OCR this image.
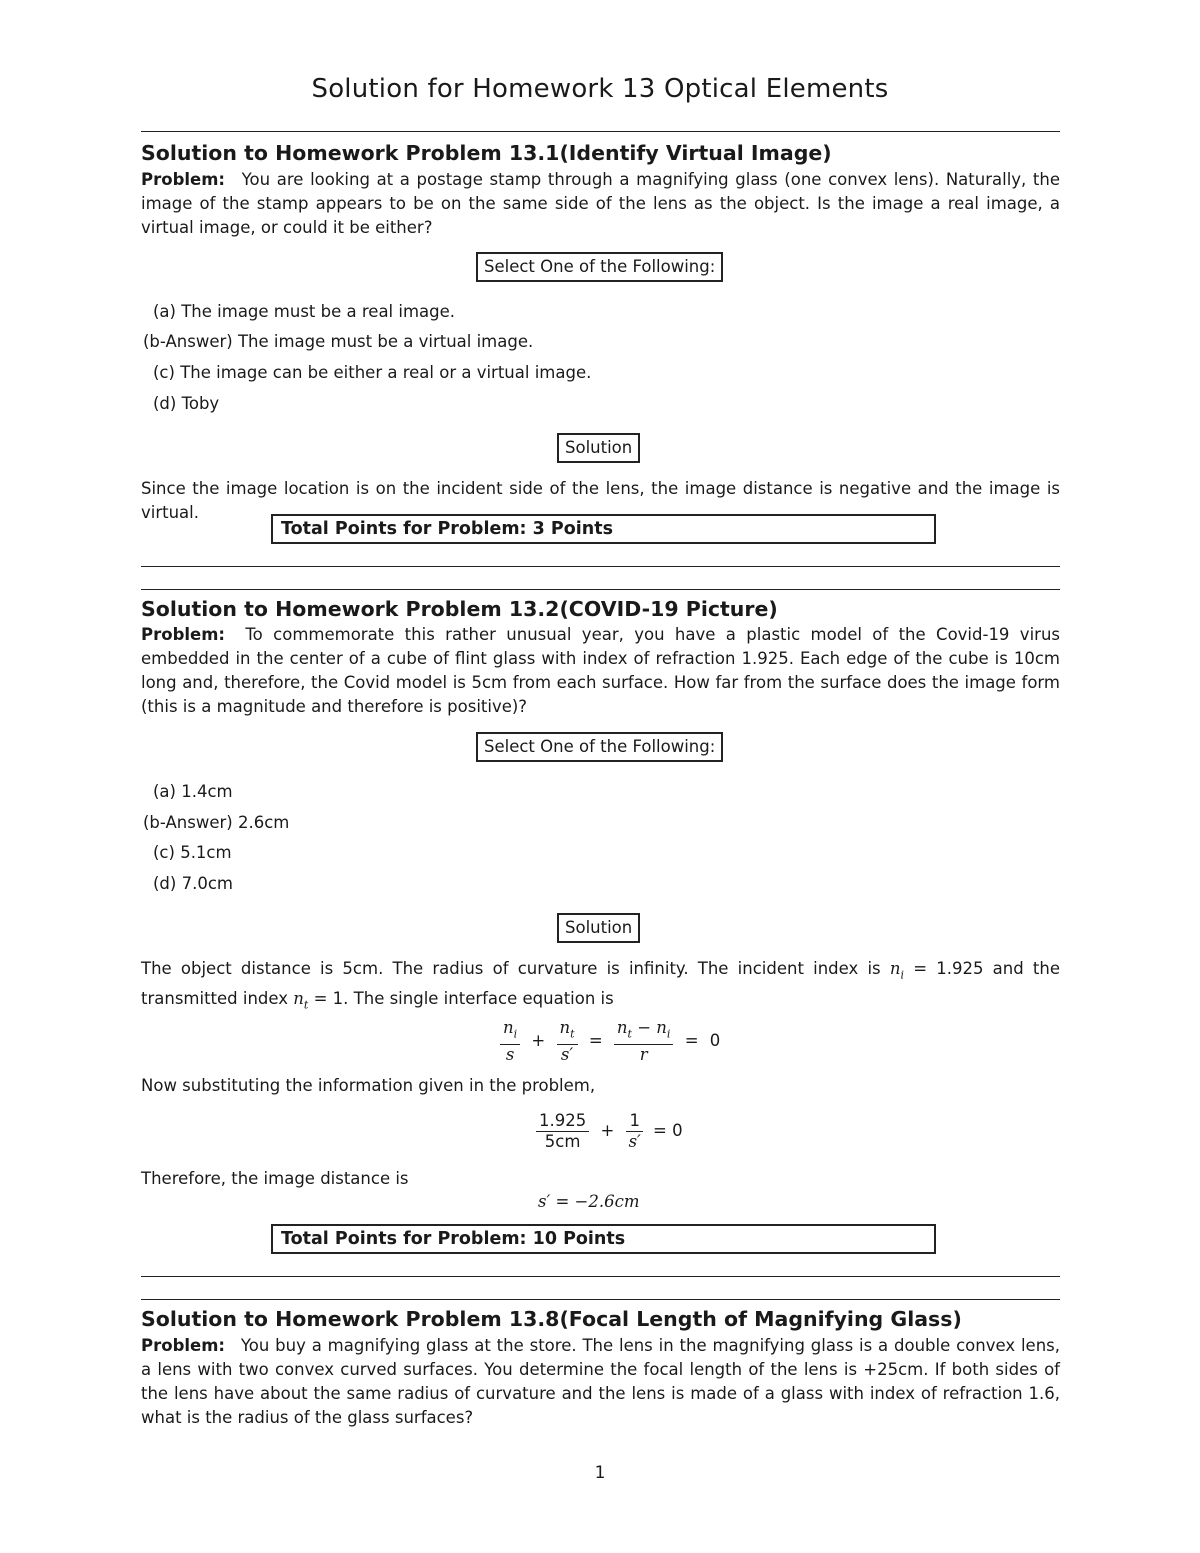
Solution for Homework 13 Optical Elements
Solution to Homework Problem 13.1(Identify Virtual Image)
Problem: You are looking at a postage stamp through a magnifying glass (one convex lens). Naturally, the image of the stamp appears to be on the same side of the lens as the object. Is the image a real image, a virtual image, or could it be either?
Select One of the Following:
(a) The image must be a real image.
(b-Answer) The image must be a virtual image.
(c) The image can be either a real or a virtual image.
(d) Toby
Solution
Since the image location is on the incident side of the lens, the image distance is negative and the image is virtual.
Total Points for Problem: 3 Points
Solution to Homework Problem 13.2(COVID-19 Picture)
Problem: To commemorate this rather unusual year, you have a plastic model of the Covid-19 virus embedded in the center of a cube of flint glass with index of refraction 1.925. Each edge of the cube is 10cm long and, therefore, the Covid model is 5cm from each surface. How far from the surface does the image form (this is a magnitude and therefore is positive)?
Select One of the Following:
(a) 1.4cm
(b-Answer) 2.6cm
(c) 5.1cm
(d) 7.0cm
Solution
The object distance is 5cm. The radius of curvature is infinity. The incident index is $n_i = 1.925$ and the transmitted index $n_t = 1$. The single interface equation is
$\frac{n_i}{s} + \frac{n_t}{s'} = \frac{n_t - n_i}{r} = 0$
Now substituting the information given in the problem,
$\frac{1.925}{5cm} + \frac{1}{s'} = 0$
Therefore, the image distance is
s′ = −2.6cm
Total Points for Problem: 10 Points
Solution to Homework Problem 13.8(Focal Length of Magnifying Glass)
Problem: You buy a magnifying glass at the store. The lens in the magnifying glass is a double convex lens, a lens with two convex curved surfaces. You determine the focal length of the lens is +25cm. If both sides of the lens have about the same radius of curvature and the lens is made of a glass with index of refraction 1.6, what is the radius of the glass surfaces?
1
